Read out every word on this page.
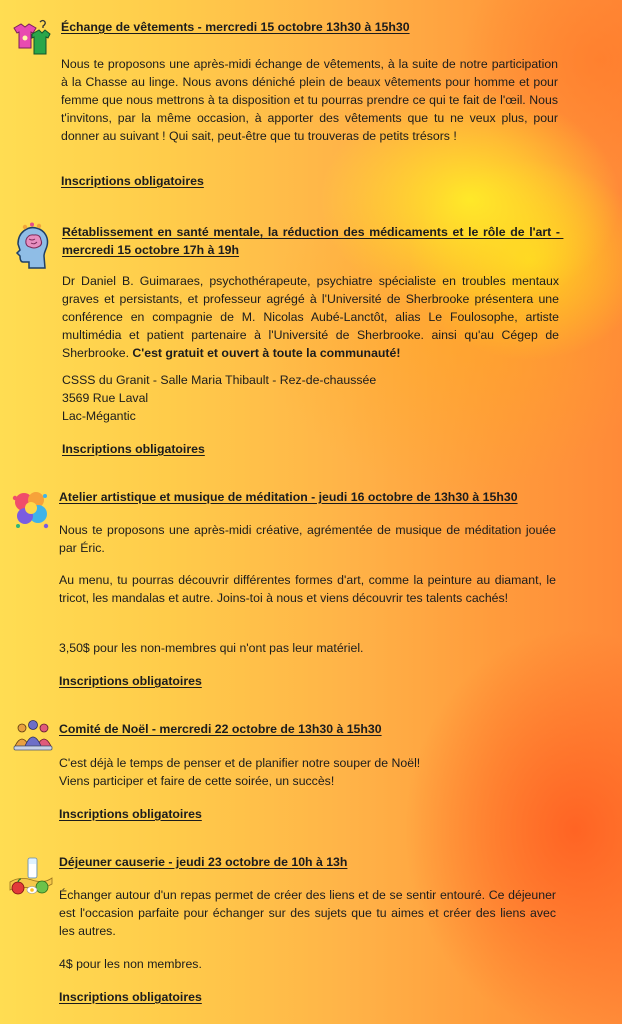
Échange de vêtements - mercredi 15 octobre 13h30 à 15h30

Nous te proposons une après-midi échange de vêtements, à la suite de notre participation à la Chasse au linge. Nous avons déniché plein de beaux vêtements pour homme et pour femme que nous mettrons à ta disposition et tu pourras prendre ce qui te fait de l'œil. Nous t'invitons, par la même occasion, à apporter des vêtements que tu ne veux plus, pour donner au suivant ! Qui sait, peut-être que tu trouveras de petits trésors !

Inscriptions obligatoires
Rétablissement en santé mentale, la réduction des médicaments et le rôle de l'art - mercredi 15 octobre 17h à 19h

Dr Daniel B. Guimaraes, psychothérapeute, psychiatre spécialiste en troubles mentaux graves et persistants, et professeur agrégé à l'Université de Sherbrooke présentera une conférence en compagnie de M. Nicolas Aubé-Lanctôt, alias Le Foulosophe, artiste multimédia et patient partenaire à l'Université de Sherbrooke. ainsi qu'au Cégep de Sherbrooke. C'est gratuit et ouvert à toute la communauté!

CSSS du Granit - Salle Maria Thibault - Rez-de-chaussée
3569 Rue Laval
Lac-Mégantic
Inscriptions obligatoires
Atelier artistique et musique de méditation - jeudi 16 octobre de 13h30 à 15h30

Nous te proposons une après-midi créative, agrémentée de musique de méditation jouée par Éric.

Au menu, tu pourras découvrir différentes formes d'art, comme la peinture au diamant, le tricot, les mandalas et autre. Joins-toi à nous et viens découvrir tes talents cachés!

3,50$ pour les non-membres qui n'ont pas leur matériel.
Inscriptions obligatoires
Comité de Noël - mercredi 22 octobre de 13h30 à 15h30
C'est déjà le temps de penser et de planifier notre souper de Noël!
Viens participer et faire de cette soirée, un succès!
Inscriptions obligatoires
Déjeuner causerie - jeudi 23 octobre de 10h à 13h

Échanger autour d'un repas permet de créer des liens et de se sentir entouré. Ce déjeuner est l'occasion parfaite pour échanger sur des sujets que tu aimes et créer des liens avec les autres.

4$ pour les non membres.
Inscriptions obligatoires
